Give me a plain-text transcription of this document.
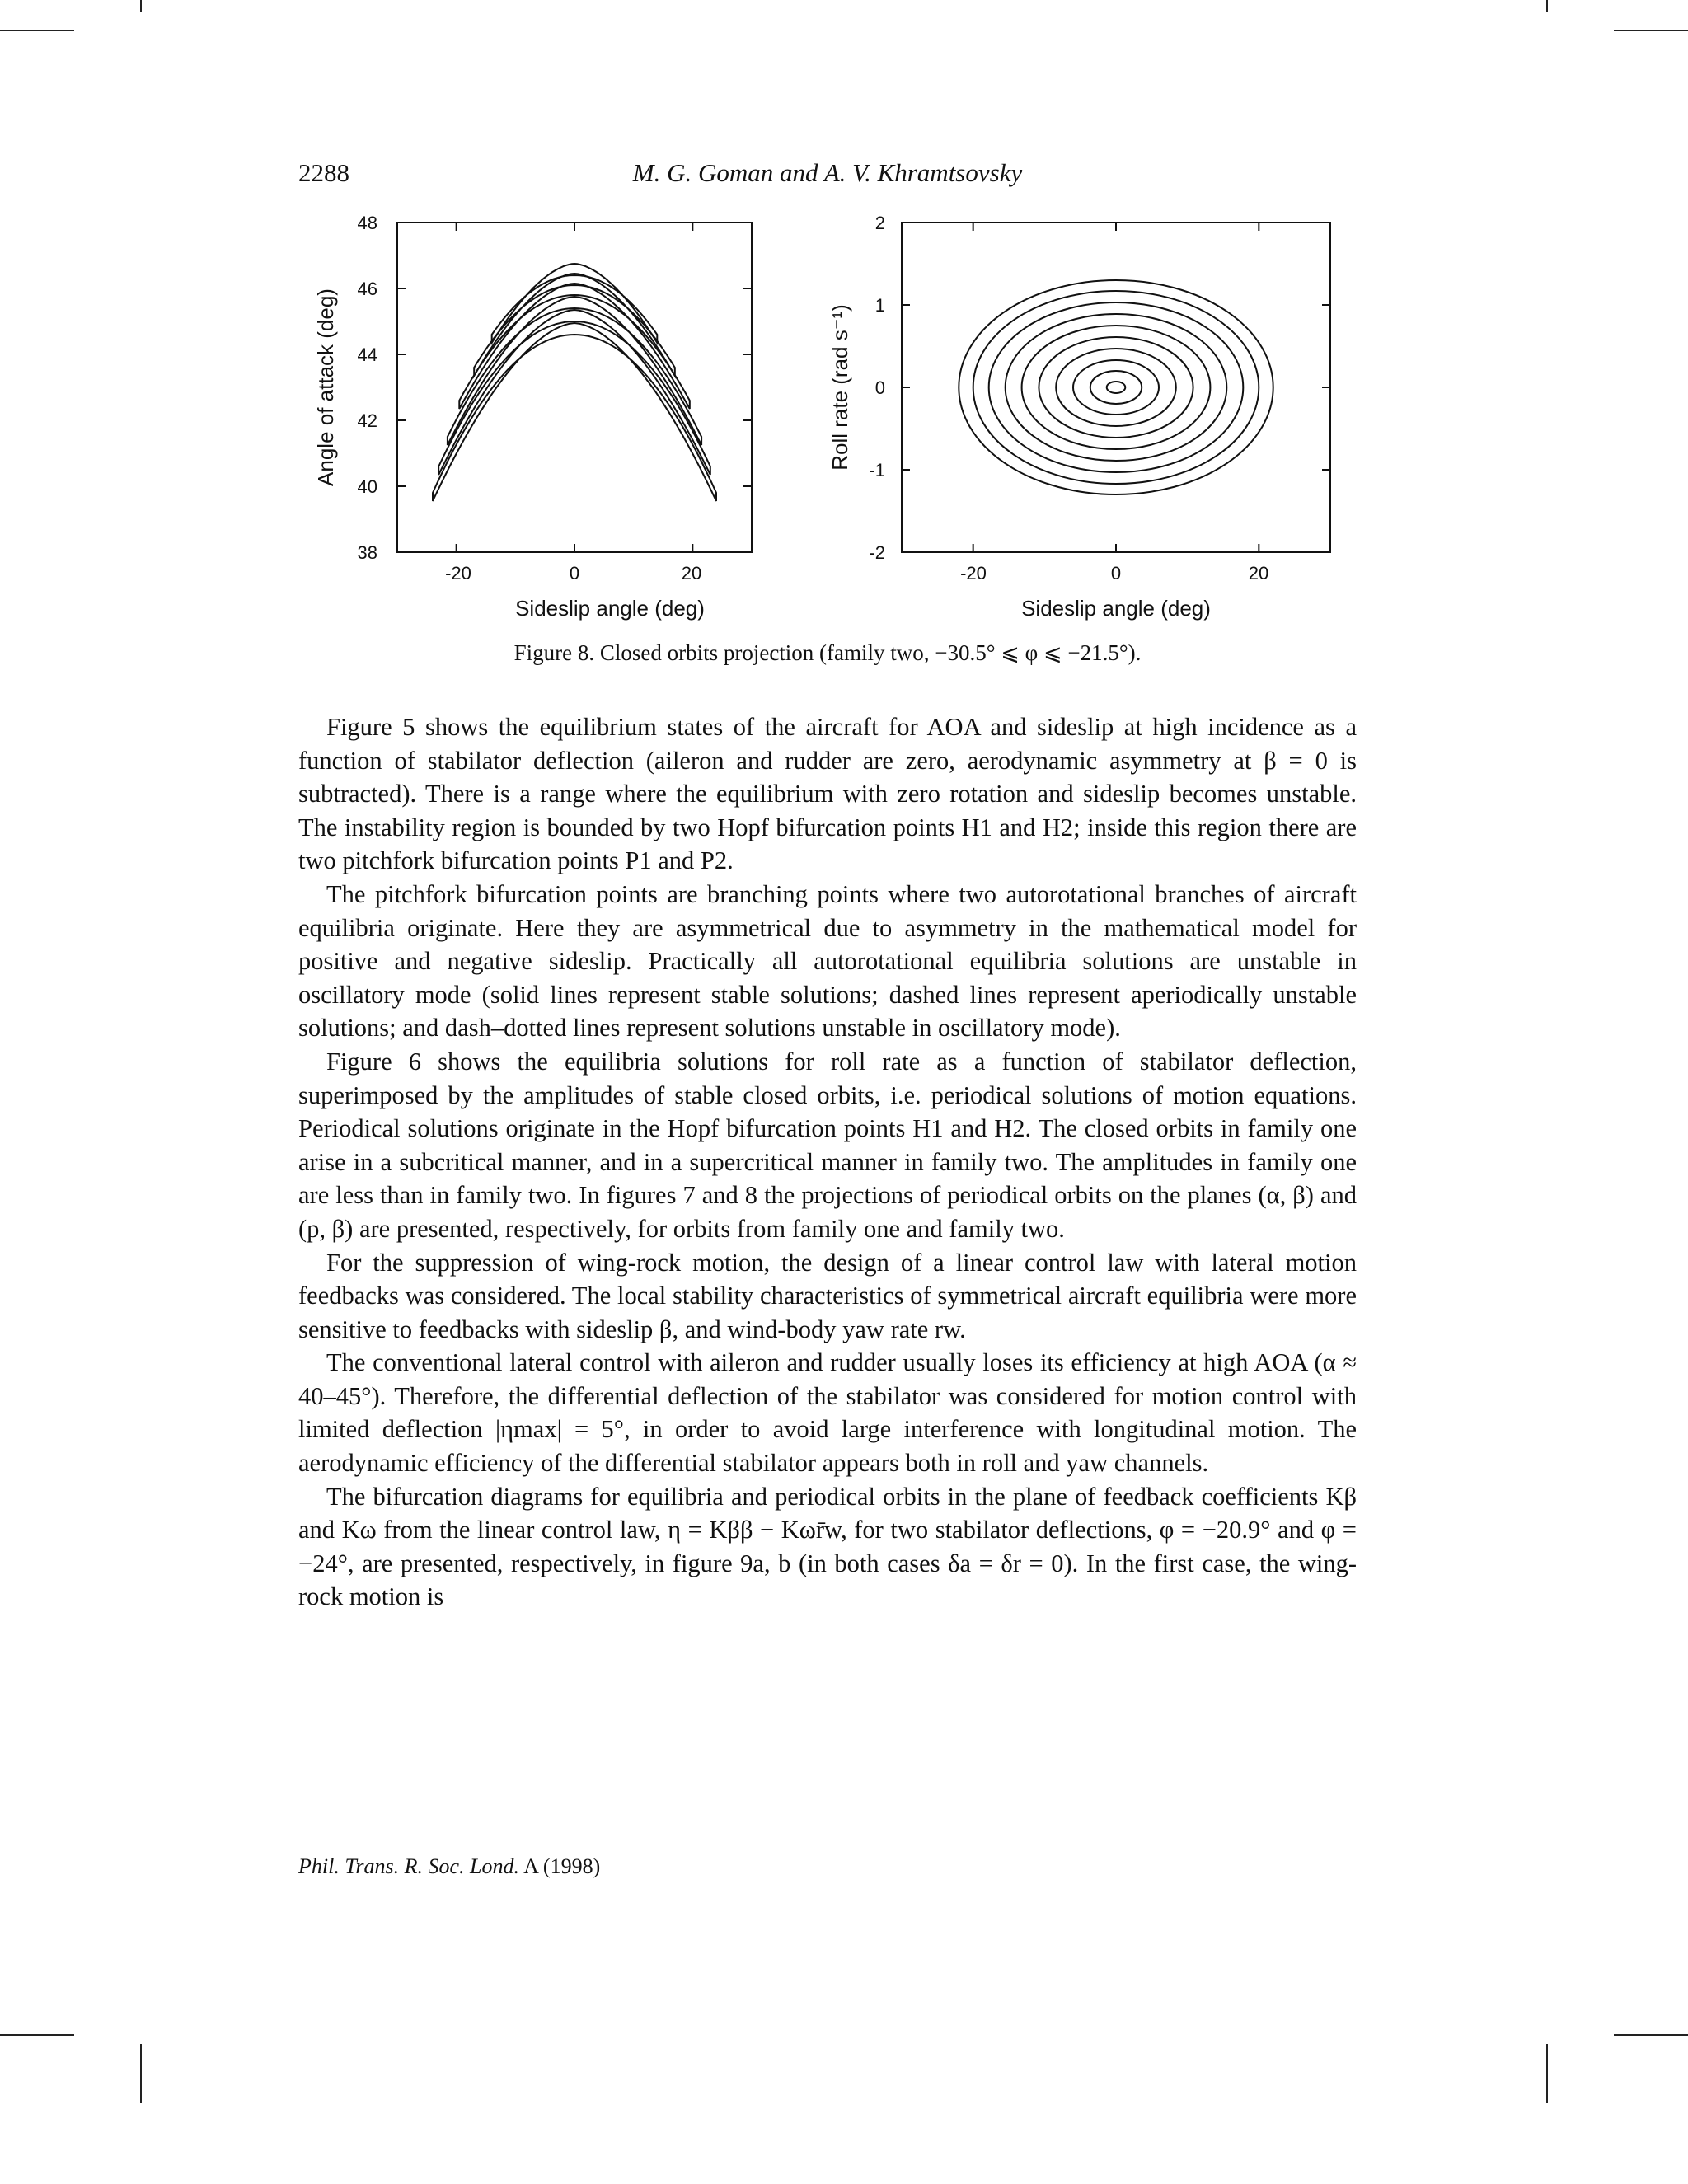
2288	M. G. Goman and A. V. Khramtsovsky
-20	0	20
38
40
42
44
46
48
Sideslip angle (deg)
Angle of attack (deg)
-20	0	20
-2
-1
0
1
2
Sideslip angle (deg)
Roll rate (rad s⁻¹)
Figure 8. Closed orbits projection (family two, −30.5° ⩽ φ ⩽ −21.5°).

Figure 5 shows the equilibrium states of the aircraft for AOA and sideslip at high incidence as a function of stabilator deflection (aileron and rudder are zero, aerodynamic asymmetry at β = 0 is subtracted). There is a range where the equilibrium with zero rotation and sideslip becomes unstable. The instability region is bounded by two Hopf bifurcation points H1 and H2; inside this region there are two pitchfork bifurcation points P1 and P2.

The pitchfork bifurcation points are branching points where two autorotational branches of aircraft equilibria originate. Here they are asymmetrical due to asymmetry in the mathematical model for positive and negative sideslip. Practically all autorotational equilibria solutions are unstable in oscillatory mode (solid lines represent stable solutions; dashed lines represent aperiodically unstable solutions; and dash–dotted lines represent solutions unstable in oscillatory mode).

Figure 6 shows the equilibria solutions for roll rate as a function of stabilator deflection, superimposed by the amplitudes of stable closed orbits, i.e. periodical solutions of motion equations. Periodical solutions originate in the Hopf bifurcation points H1 and H2. The closed orbits in family one arise in a subcritical manner, and in a supercritical manner in family two. The amplitudes in family one are less than in family two. In figures 7 and 8 the projections of periodical orbits on the planes (α, β) and (p, β) are presented, respectively, for orbits from family one and family two.

For the suppression of wing-rock motion, the design of a linear control law with lateral motion feedbacks was considered. The local stability characteristics of symmetrical aircraft equilibria were more sensitive to feedbacks with sideslip β, and wind-body yaw rate rw.

The conventional lateral control with aileron and rudder usually loses its efficiency at high AOA (α ≈ 40–45°). Therefore, the differential deflection of the stabilator was considered for motion control with limited deflection |ηmax| = 5°, in order to avoid large interference with longitudinal motion. The aerodynamic efficiency of the differential stabilator appears both in roll and yaw channels.

The bifurcation diagrams for equilibria and periodical orbits in the plane of feedback coefficients Kβ and Kω from the linear control law, η = Kββ − Kωr̄w, for two stabilator deflections, φ = −20.9° and φ = −24°, are presented, respectively, in figure 9a, b (in both cases δa = δr = 0). In the first case, the wing-rock motion is

Phil. Trans. R. Soc. Lond. A (1998)
